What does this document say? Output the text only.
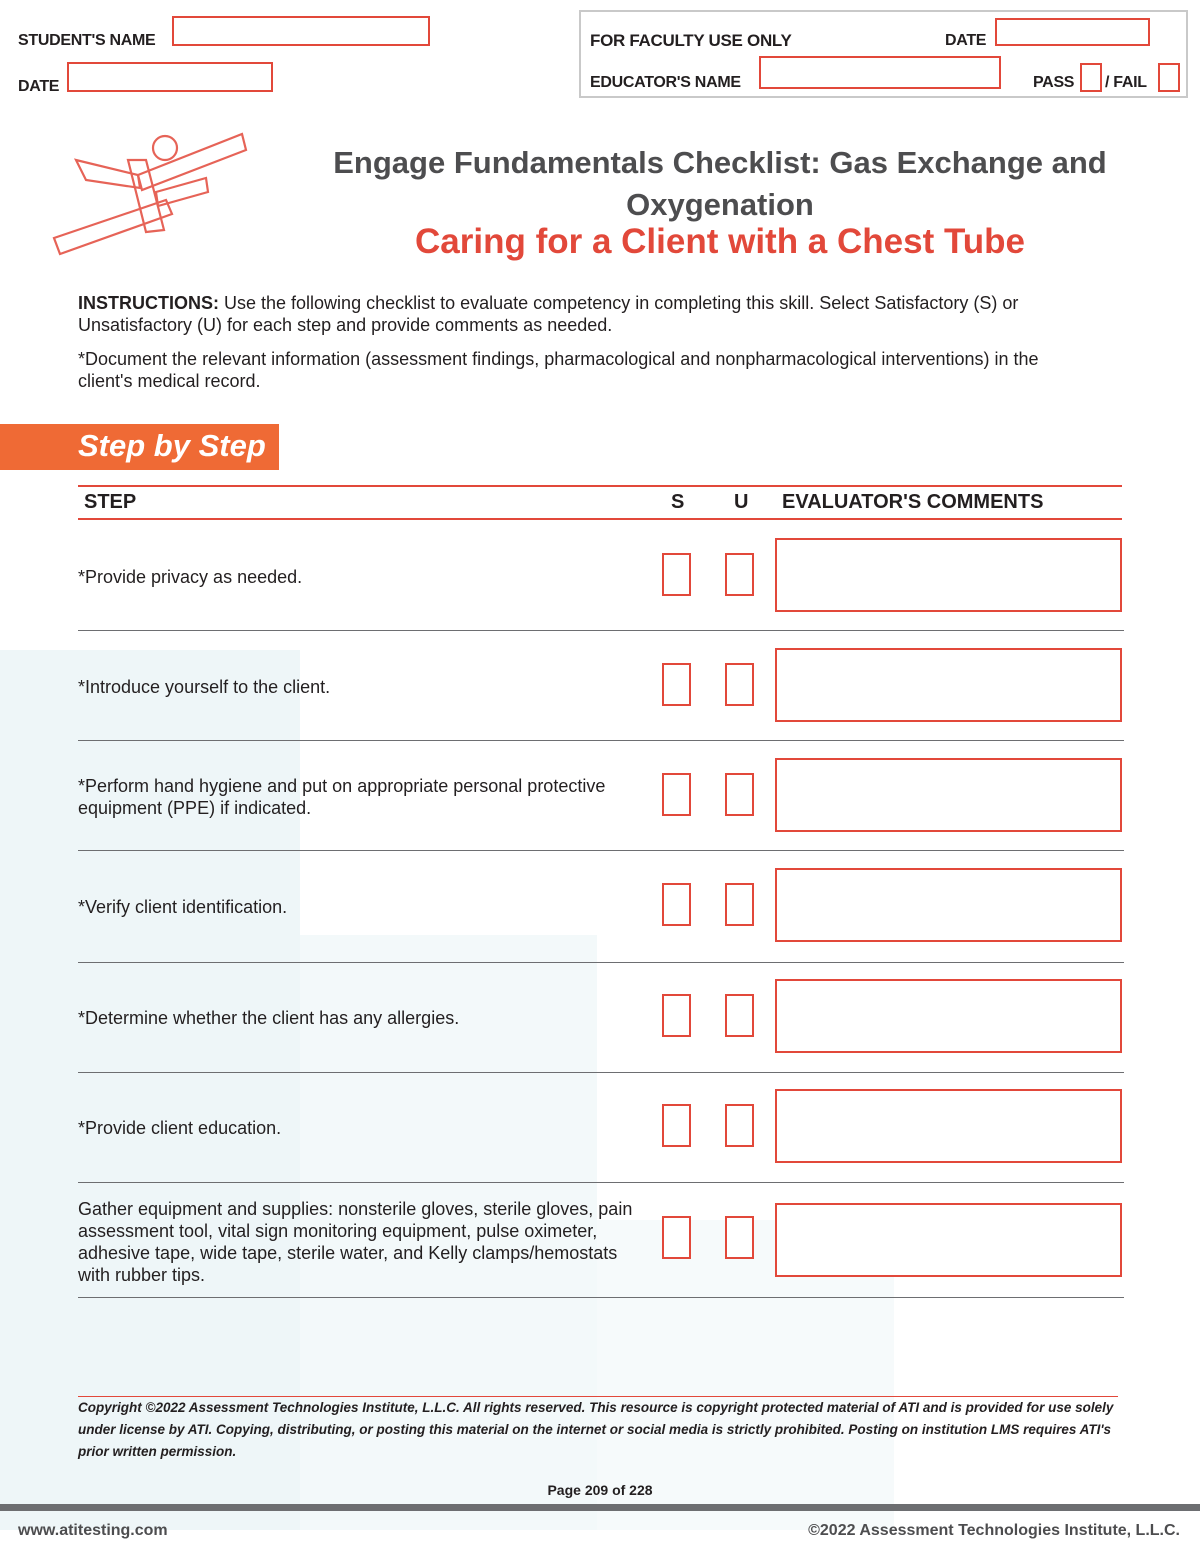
STUDENT'S NAME
DATE
FOR FACULTY USE ONLY	DATE
EDUCATOR'S NAME	PASS / FAIL
Engage Fundamentals Checklist: Gas Exchange and Oxygenation
Caring for a Client with a Chest Tube
INSTRUCTIONS: Use the following checklist to evaluate competency in completing this skill. Select Satisfactory (S) or Unsatisfactory (U) for each step and provide comments as needed.
*Document the relevant information (assessment findings, pharmacological and nonpharmacological interventions) in the client's medical record.
Step by Step
STEP	S U EVALUATOR'S COMMENTS
*Provide privacy as needed.
*Introduce yourself to the client.
*Perform hand hygiene and put on appropriate personal protective equipment (PPE) if indicated.
*Verify client identification.
*Determine whether the client has any allergies.
*Provide client education.
Gather equipment and supplies: nonsterile gloves, sterile gloves, pain assessment tool, vital sign monitoring equipment, pulse oximeter, adhesive tape, wide tape, sterile water, and Kelly clamps/hemostats with rubber tips.
Copyright ©2022 Assessment Technologies Institute, L.L.C. All rights reserved. This resource is copyright protected material of ATI and is provided for use solely under license by ATI. Copying, distributing, or posting this material on the internet or social media is strictly prohibited. Posting on institution LMS requires ATI's prior written permission.
Page 209 of 228
www.atitesting.com	©2022 Assessment Technologies Institute, L.L.C.
